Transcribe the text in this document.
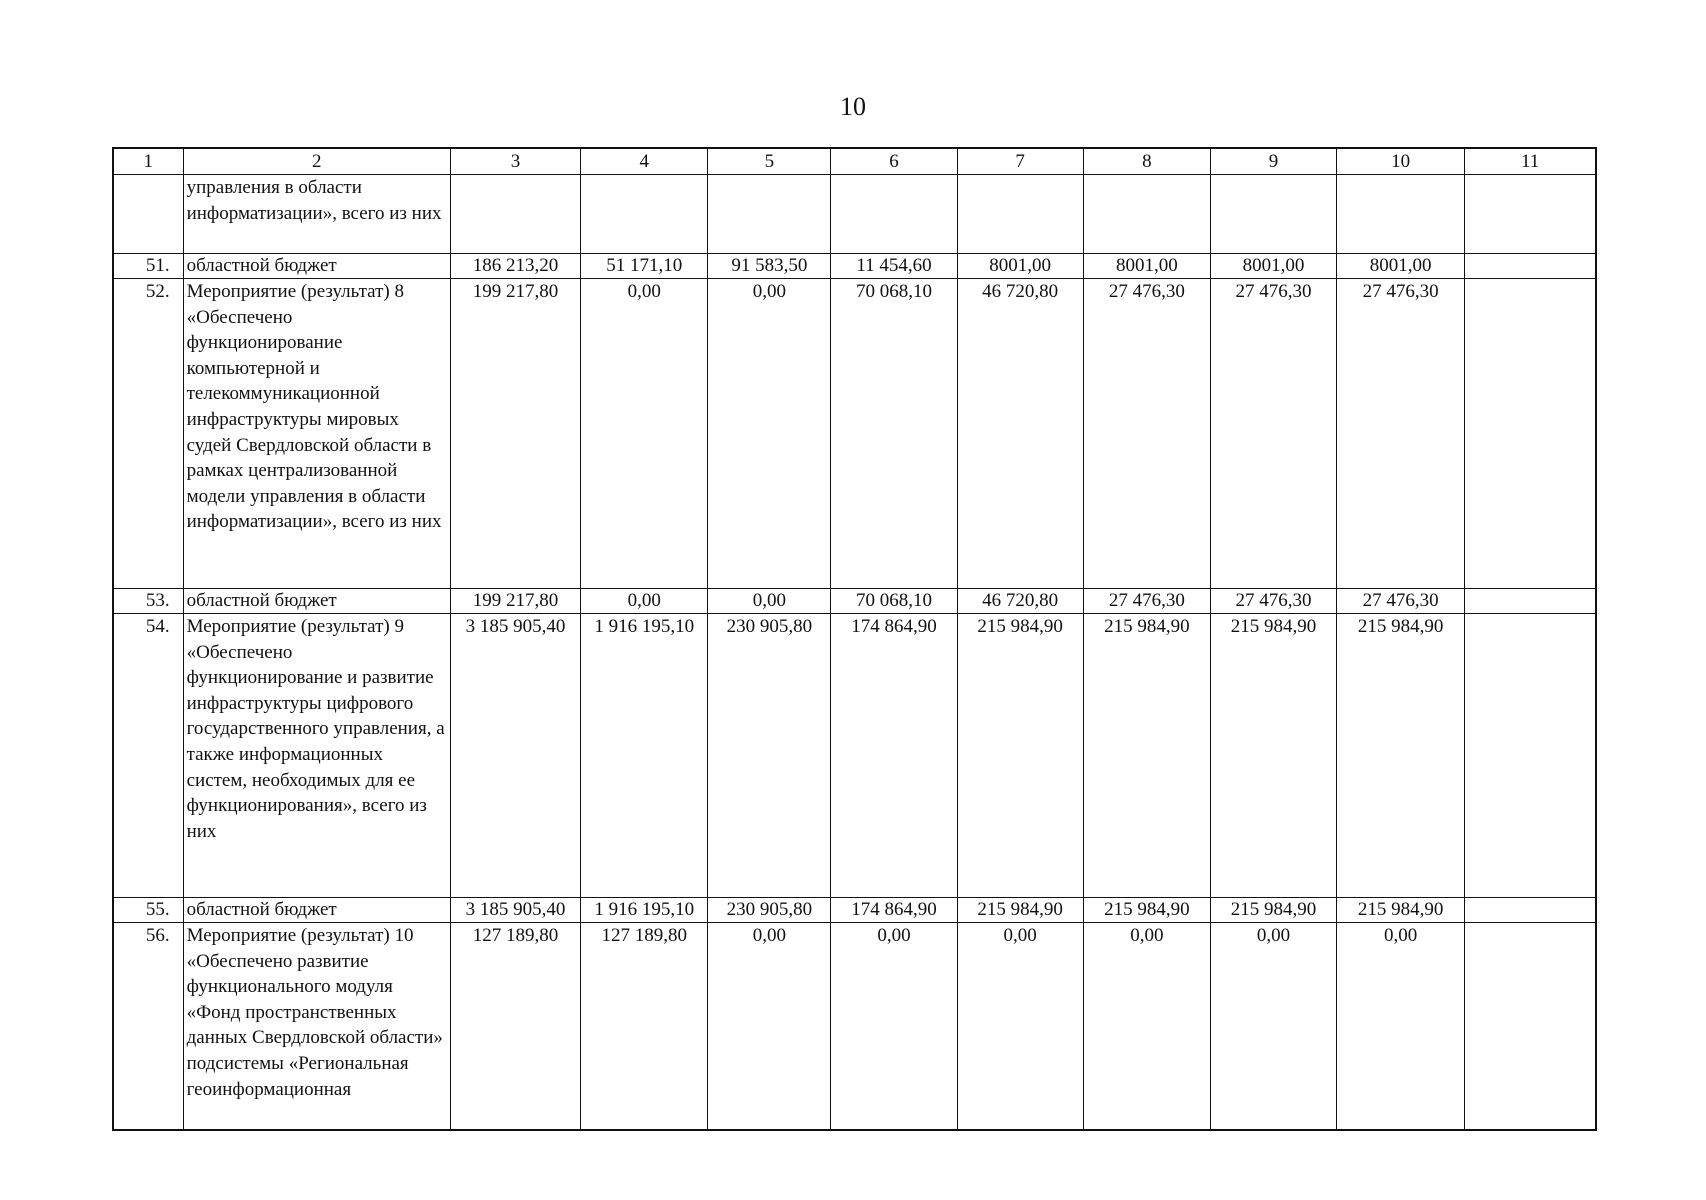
10
1	2	3	4	5	6	7	8	9	10	11
	управления в области информатизации», всего из них									
51.	областной бюджет	186 213,20	51 171,10	91 583,50	11 454,60	8001,00	8001,00	8001,00	8001,00	
52.	Мероприятие (результат) 8 «Обеспечено функционирование компьютерной и телекоммуникационной инфраструктуры мировых судей Свердловской области в рамках централизованной модели управления в области информатизации», всего из них	199 217,80	0,00	0,00	70 068,10	46 720,80	27 476,30	27 476,30	27 476,30	
53.	областной бюджет	199 217,80	0,00	0,00	70 068,10	46 720,80	27 476,30	27 476,30	27 476,30	
54.	Мероприятие (результат) 9 «Обеспечено функционирование и развитие инфраструктуры цифрового государственного управления, а также информационных систем, необходимых для ее функционирования», всего из них	3 185 905,40	1 916 195,10	230 905,80	174 864,90	215 984,90	215 984,90	215 984,90	215 984,90	
55.	областной бюджет	3 185 905,40	1 916 195,10	230 905,80	174 864,90	215 984,90	215 984,90	215 984,90	215 984,90	
56.	Мероприятие (результат) 10 «Обеспечено развитие функционального модуля «Фонд пространственных данных Свердловской области» подсистемы «Региональная геоинформационная	127 189,80	127 189,80	0,00	0,00	0,00	0,00	0,00	0,00	
